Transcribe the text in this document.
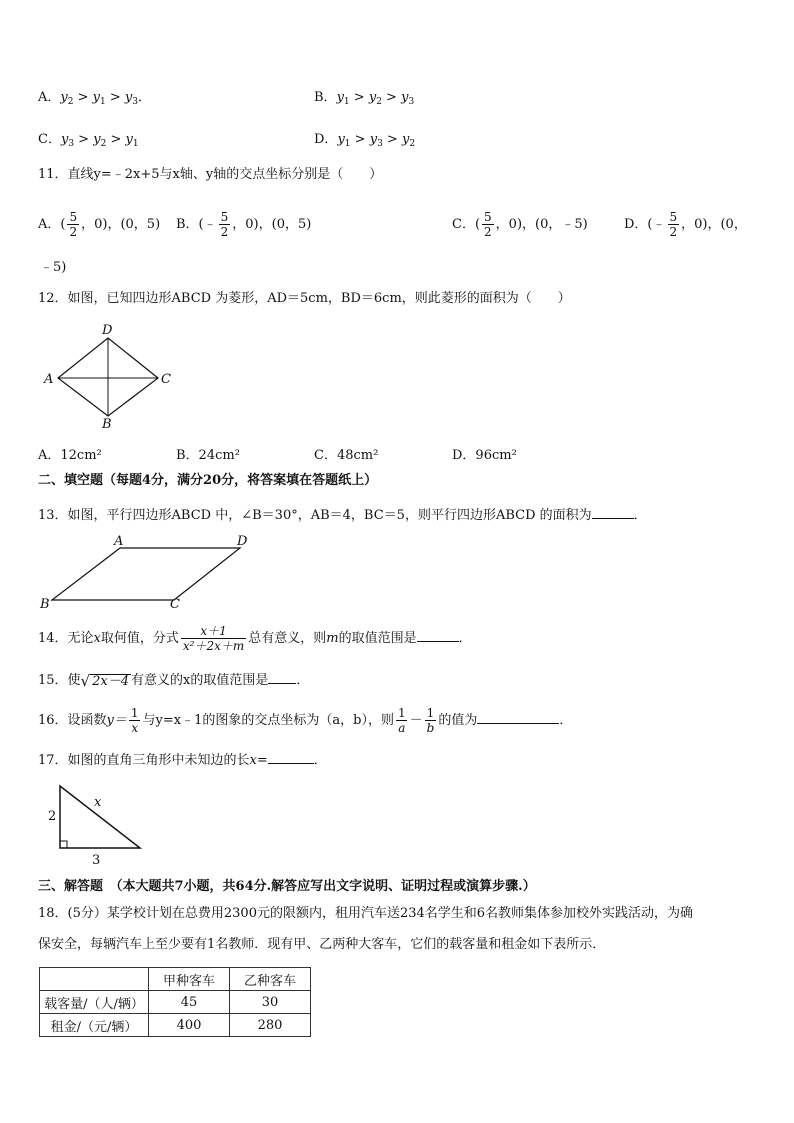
A．$y_2 > y_1 > y_3$．	B．$y_1 > y_2 > y_3$
C．$y_3 > y_2 > y_1$	D．$y_1 > y_3 > y_2$
11．直线y=﹣2x+5与x轴、y轴的交点坐标分别是（　　）
A．( $\frac{5}{2}$ ，0)，(0，5) B．(﹣ $\frac{5}{2}$ ，0)，(0，5)	C．( $\frac{5}{2}$ ，0)，(0，﹣5)	D．(﹣ $\frac{5}{2}$ ，0)，(0，
﹣5)
12．如图，已知四边形ABCD 为菱形，AD＝5cm，BD＝6cm，则此菱形的面积为（　　）
D
A	C
B
A．12cm²	B．24cm²	C．48cm²	D．96cm²
二、填空题（每题4分，满分20分，将答案填在答题纸上）
13．如图，平行四边形ABCD 中，∠B＝30°，AB＝4，BC＝5，则平行四边形ABCD 的面积为	．
A	D
B	C
14．无论x取何值，分式 $\frac{x+1}{\text{x²＋2x＋m}}$ 总有意义，则m的取值范围是	．
15．使 √ 2x－4 有意义的x的取值范围是 ．
16．设函数$y= \frac{1}{x}$ 与y=x﹣1的图象的交点坐标为（a，b），则 $\frac{1}{a} - \frac{1}{b}$ 的值为	．
17．如图的直角三角形中未知边的长x=	．
x
2
3
三、解答题　（本大题共7小题，共64分.解答应写出文字说明、证明过程或演算步骤.）
18．(5分）某学校计划在总费用2300元的限额内，租用汽车送234名学生和6名教师集体参加校外实践活动，为确
保安全，每辆汽车上至少要有1名教师．现有甲、乙两种大客车，它们的载客量和租金如下表所示．
	甲种客车	乙种客车
载客量/（人/辆）	45	30
租金/（元/辆）	400	280
